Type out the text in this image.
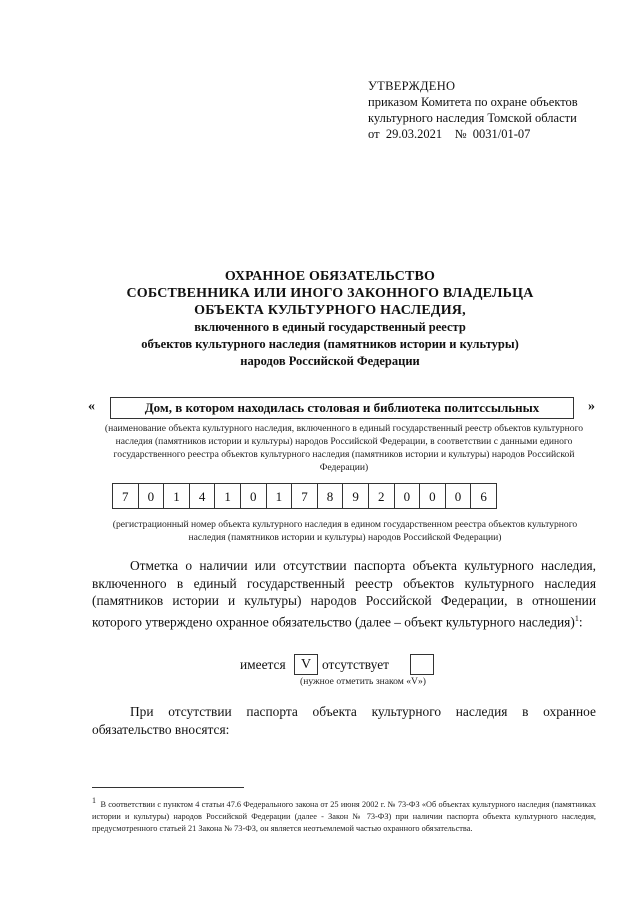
УТВЕРЖДЕНО
приказом Комитета по охране объектов
культурного наследия Томской области
от 29.03.2021 № 0031/01-07
ОХРАННОЕ ОБЯЗАТЕЛЬСТВО
СОБСТВЕННИКА ИЛИ ИНОГО ЗАКОННОГО ВЛАДЕЛЬЦА
ОБЪЕКТА КУЛЬТУРНОГО НАСЛЕДИЯ,
включенного в единый государственный реестр
объектов культурного наследия (памятников истории и культуры)
народов Российской Федерации
«	Дом, в котором находилась столовая и библиотека политссыльных	»
(наименование объекта культурного наследия, включенного в единый государственный реестр объектов культурного наследия (памятников истории и культуры) народов Российской Федерации, в соответствии с данными единого государственного реестра объектов культурного наследия (памятников истории и культуры) народов Российской Федерации)
7	0	1	4	1	0	1	7	8	9	2	0	0	0	6
(регистрационный номер объекта культурного наследия в едином государственном реестра объектов культурного наследия (памятников истории и культуры) народов Российской Федерации)
Отметка о наличии или отсутствии паспорта объекта культурного наследия, включенного в единый государственный реестр объектов культурного наследия (памятников истории и культуры) народов Российской Федерации, в отношении которого утверждено охранное обязательство (далее – объект культурного наследия)$^1$:
имеется	V отсутствует
(нужное отметить знаком «V»)
При отсутствии паспорта объекта культурного наследия в охранное обязательство вносятся:
$^1$ В соответствии с пунктом 4 статьи 47.6 Федерального закона от 25 июня 2002 г. № 73-ФЗ «Об объектах культурного наследия (памятниках истории и культуры) народов Российской Федерации (далее - Закон № 73-ФЗ) при наличии паспорта объекта культурного наследия, предусмотренного статьей 21 Закона № 73-ФЗ, он является неотъемлемой частью охранного обязательства.
